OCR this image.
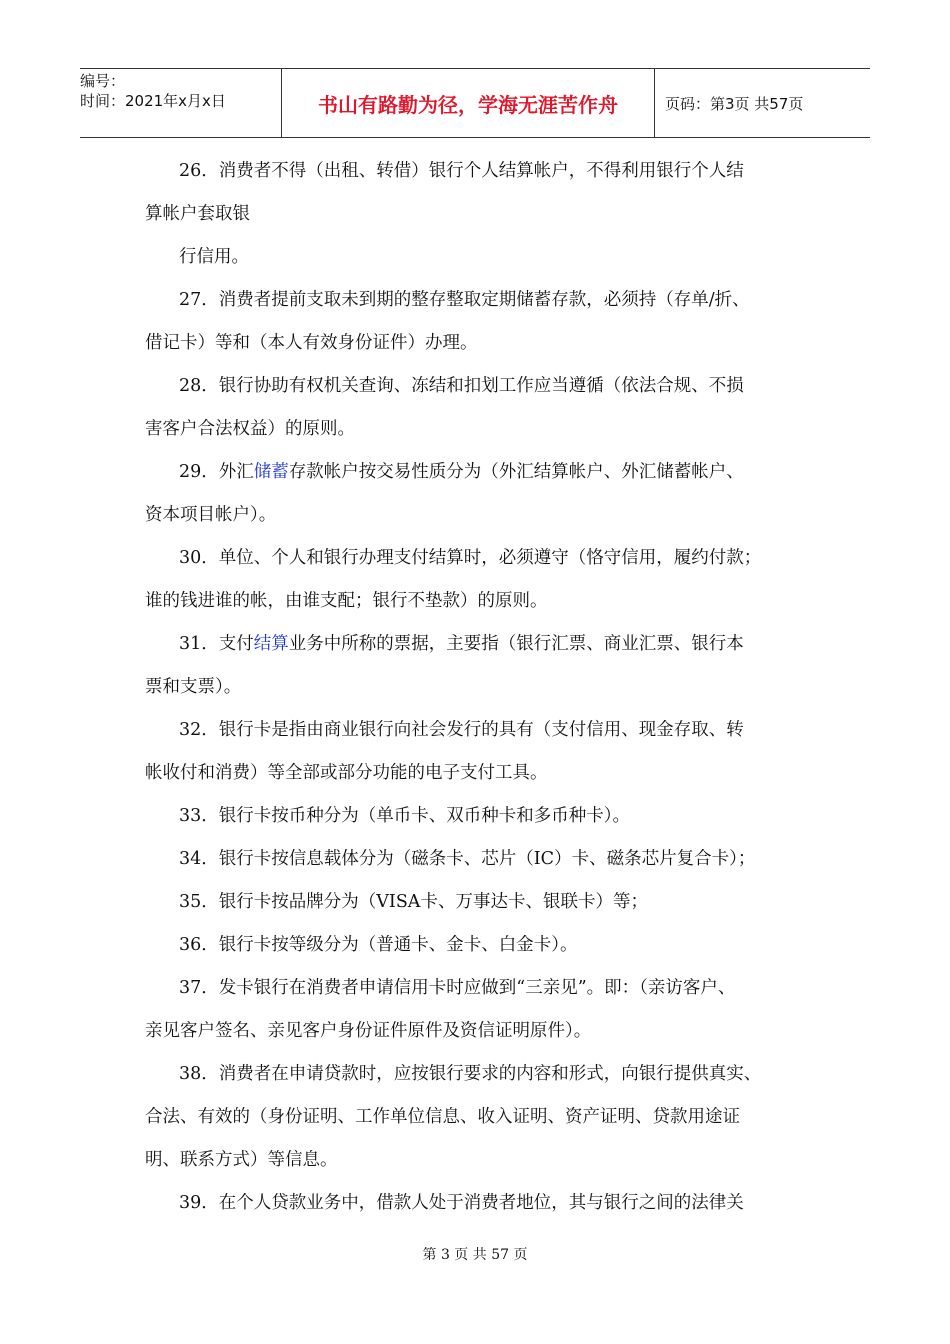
编号：
时间：2021年x月x日	书山有路勤为径，学海无涯苦作舟	页码：第3页 共57页
26．消费者不得（出租、转借）银行个人结算帐户，不得利用银行个人结
算帐户套取银
行信用。
27．消费者提前支取未到期的整存整取定期储蓄存款，必须持（存单/折、
借记卡）等和（本人有效身份证件）办理。
28．银行协助有权机关查询、冻结和扣划工作应当遵循（依法合规、不损
害客户合法权益）的原则。
29．外汇储蓄存款帐户按交易性质分为（外汇结算帐户、外汇储蓄帐户、
资本项目帐户）。
30．单位、个人和银行办理支付结算时，必须遵守（恪守信用，履约付款；
谁的钱进谁的帐，由谁支配；银行不垫款）的原则。
31．支付结算业务中所称的票据，主要指（银行汇票、商业汇票、银行本
票和支票）。
32．银行卡是指由商业银行向社会发行的具有（支付信用、现金存取、转
帐收付和消费）等全部或部分功能的电子支付工具。
33．银行卡按币种分为（单币卡、双币种卡和多币种卡）。
34．银行卡按信息载体分为（磁条卡、芯片（IC）卡、磁条芯片复合卡）；
35．银行卡按品牌分为（VISA卡、万事达卡、银联卡）等；
36．银行卡按等级分为（普通卡、金卡、白金卡）。
37．发卡银行在消费者申请信用卡时应做到“三亲见”。即：（亲访客户、
亲见客户签名、亲见客户身份证件原件及资信证明原件）。
38．消费者在申请贷款时，应按银行要求的内容和形式，向银行提供真实、
合法、有效的（身份证明、工作单位信息、收入证明、资产证明、贷款用途证
明、联系方式）等信息。
39．在个人贷款业务中，借款人处于消费者地位，其与银行之间的法律关
第 3 页 共 57 页
